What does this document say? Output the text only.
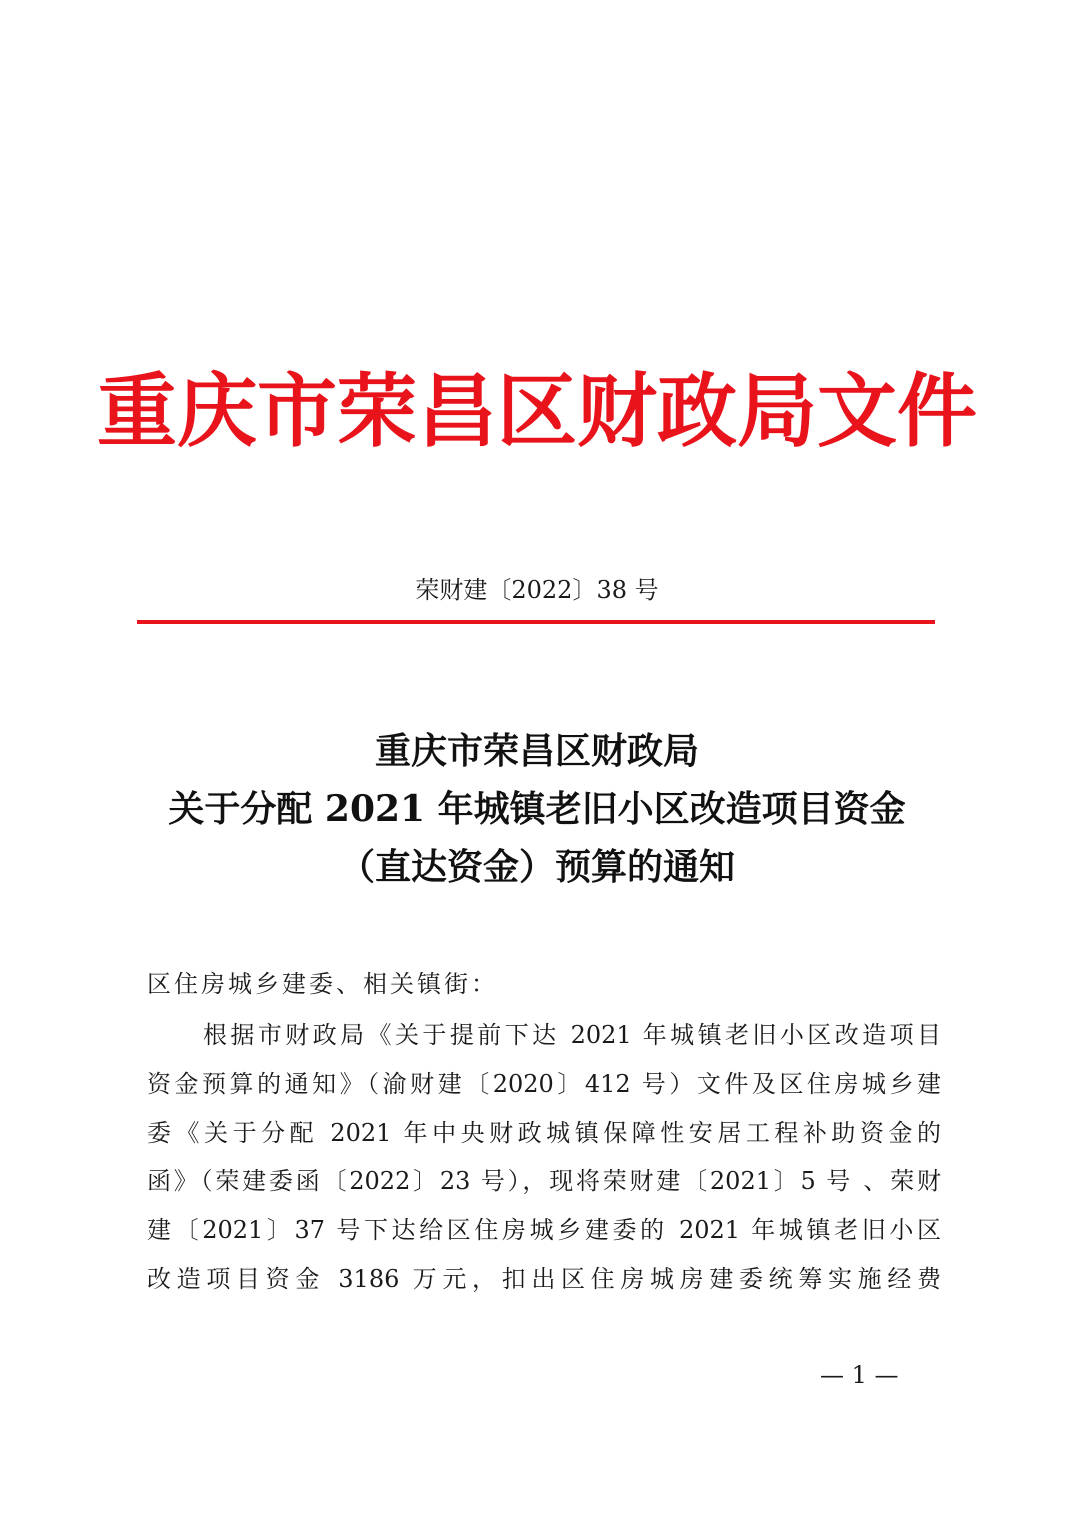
重庆市荣昌区财政局文件
荣财建〔2022〕38 号
重庆市荣昌区财政局
关于分配 2021 年城镇老旧小区改造项目资金
（直达资金）预算的通知
区住房城乡建委、相关镇街：
根据市财政局《关于提前下达 2021 年城镇老旧小区改造项目
资金预算的通知》（渝财建〔2020〕412 号）文件及区住房城乡建
委《关于分配 2021 年中央财政城镇保障性安居工程补助资金的
函》（荣建委函〔2022〕23 号），现将荣财建〔2021〕5 号 、荣财
建〔2021〕37 号下达给区住房城乡建委的 2021 年城镇老旧小区
改造项目资金 3186 万元，扣出区住房城房建委统筹实施经费
— 1 —
